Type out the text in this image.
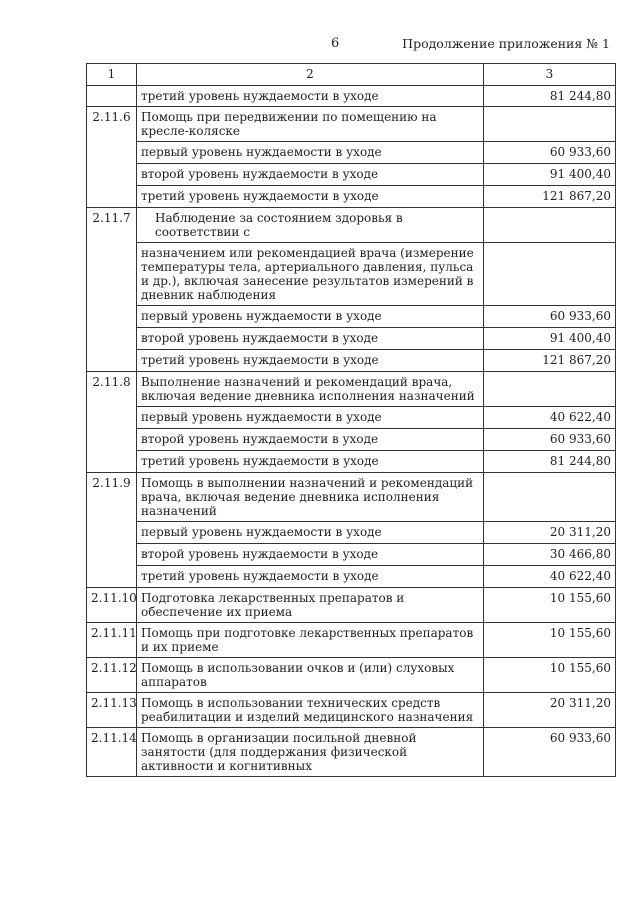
6	Продолжение приложения № 1
1	2	3
	третий уровень нуждаемости в уходе	81 244,80
2.11.6	Помощь при передвижении по помещению на кресле-коляске	
	первый уровень нуждаемости в уходе	60 933,60
	второй уровень нуждаемости в уходе	91 400,40
	третий уровень нуждаемости в уходе	121 867,20
2.11.7	Наблюдение за состоянием здоровья в соответствии с	
	назначением или рекомендацией врача (измерение температуры тела, артериального давления, пульса и др.), включая занесение результатов измерений в дневник наблюдения	
	первый уровень нуждаемости в уходе	60 933,60
	второй уровень нуждаемости в уходе	91 400,40
	третий уровень нуждаемости в уходе	121 867,20
2.11.8	Выполнение назначений и рекомендаций врача, включая ведение дневника исполнения назначений	
	первый уровень нуждаемости в уходе	40 622,40
	второй уровень нуждаемости в уходе	60 933,60
	третий уровень нуждаемости в уходе	81 244,80
2.11.9	Помощь в выполнении назначений и рекомендаций врача, включая ведение дневника исполнения назначений	
	первый уровень нуждаемости в уходе	20 311,20
	второй уровень нуждаемости в уходе	30 466,80
	третий уровень нуждаемости в уходе	40 622,40
2.11.10	Подготовка лекарственных препаратов и обеспечение их приема	10 155,60
2.11.11	Помощь при подготовке лекарственных препаратов и их приеме	10 155,60
2.11.12	Помощь в использовании очков и (или) слуховых аппаратов	10 155,60
2.11.13	Помощь в использовании технических средств реабилитации и изделий медицинского назначения	20 311,20
2.11.14	Помощь в организации посильной дневной занятости (для поддержания физической активности и когнитивных	60 933,60
